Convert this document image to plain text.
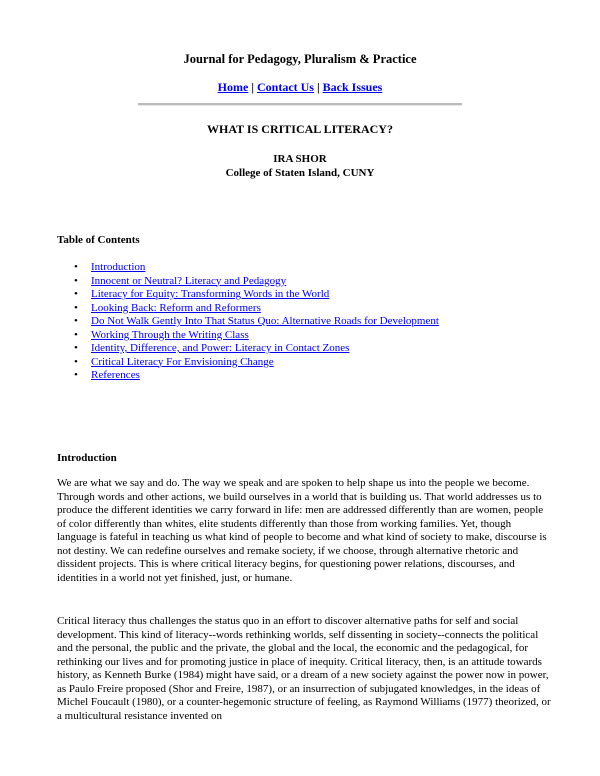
Journal for Pedagogy, Pluralism & Practice
Home | Contact Us | Back Issues
WHAT IS CRITICAL LITERACY?
IRA SHOR
College of Staten Island, CUNY
Table of Contents
• Introduction
• Innocent or Neutral? Literacy and Pedagogy
• Literacy for Equity: Transforming Words in the World
• Looking Back: Reform and Reformers
• Do Not Walk Gently Into That Status Quo: Alternative Roads for Development
• Working Through the Writing Class
• Identity, Difference, and Power: Literacy in Contact Zones
• Critical Literacy For Envisioning Change
• References
Introduction

We are what we say and do. The way we speak and are spoken to help shape us into the people we become. Through words and other actions, we build ourselves in a world that is building us. That world addresses us to produce the different identities we carry forward in life: men are addressed differently than are women, people of color differently than whites, elite students differently than those from working families. Yet, though language is fateful in teaching us what kind of people to become and what kind of society to make, discourse is not destiny. We can redefine ourselves and remake society, if we choose, through alternative rhetoric and dissident projects. This is where critical literacy begins, for questioning power relations, discourses, and identities in a world not yet finished, just, or humane.

Critical literacy thus challenges the status quo in an effort to discover alternative paths for self and social development. This kind of literacy--words rethinking worlds, self dissenting in society--connects the political and the personal, the public and the private, the global and the local, the economic and the pedagogical, for rethinking our lives and for promoting justice in place of inequity. Critical literacy, then, is an attitude towards history, as Kenneth Burke (1984) might have said, or a dream of a new society against the power now in power, as Paulo Freire proposed (Shor and Freire, 1987), or an insurrection of subjugated knowledges, in the ideas of Michel Foucault (1980), or a counter-hegemonic structure of feeling, as Raymond Williams (1977) theorized, or a multicultural resistance invented on
